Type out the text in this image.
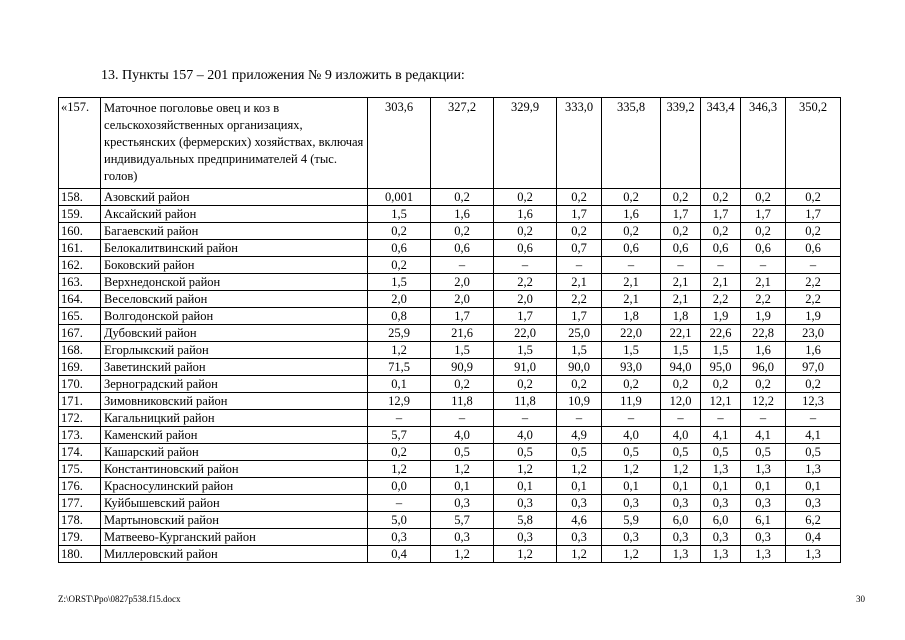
13. Пункты 157 – 201 приложения № 9 изложить в редакции:
«157.	Маточное поголовье овец и коз в сельскохозяйственных организациях, крестьянских (фермерских) хозяйствах, включая индивидуальных предпринимателей 4 (тыс. голов)	303,6	327,2	329,9	333,0	335,8	339,2	343,4	346,3	350,2
158.	Азовский район	0,001	0,2	0,2	0,2	0,2	0,2	0,2	0,2	0,2
159.	Аксайский район	1,5	1,6	1,6	1,7	1,6	1,7	1,7	1,7	1,7
160.	Багаевский район	0,2	0,2	0,2	0,2	0,2	0,2	0,2	0,2	0,2
161.	Белокалитвинский район	0,6	0,6	0,6	0,7	0,6	0,6	0,6	0,6	0,6
162.	Боковский район	0,2	–	–	–	–	–	–	–	–
163.	Верхнедонской район	1,5	2,0	2,2	2,1	2,1	2,1	2,1	2,1	2,2
164.	Веселовский район	2,0	2,0	2,0	2,2	2,1	2,1	2,2	2,2	2,2
165.	Волгодонской район	0,8	1,7	1,7	1,7	1,8	1,8	1,9	1,9	1,9
167.	Дубовский район	25,9	21,6	22,0	25,0	22,0	22,1	22,6	22,8	23,0
168.	Егорлыкский район	1,2	1,5	1,5	1,5	1,5	1,5	1,5	1,6	1,6
169.	Заветинский район	71,5	90,9	91,0	90,0	93,0	94,0	95,0	96,0	97,0
170.	Зерноградский район	0,1	0,2	0,2	0,2	0,2	0,2	0,2	0,2	0,2
171.	Зимовниковский район	12,9	11,8	11,8	10,9	11,9	12,0	12,1	12,2	12,3
172.	Кагальницкий район	–	–	–	–	–	–	–	–	–
173.	Каменский район	5,7	4,0	4,0	4,9	4,0	4,0	4,1	4,1	4,1
174.	Кашарский район	0,2	0,5	0,5	0,5	0,5	0,5	0,5	0,5	0,5
175.	Константиновский район	1,2	1,2	1,2	1,2	1,2	1,2	1,3	1,3	1,3
176.	Красносулинский район	0,0	0,1	0,1	0,1	0,1	0,1	0,1	0,1	0,1
177.	Куйбышевский район	–	0,3	0,3	0,3	0,3	0,3	0,3	0,3	0,3
178.	Мартыновский район	5,0	5,7	5,8	4,6	5,9	6,0	6,0	6,1	6,2
179.	Матвеево-Курганский район	0,3	0,3	0,3	0,3	0,3	0,3	0,3	0,3	0,4
180.	Миллеровский район	0,4	1,2	1,2	1,2	1,2	1,3	1,3	1,3	1,3
Z:\ORST\Ppo\0827p538.f15.docx	30
